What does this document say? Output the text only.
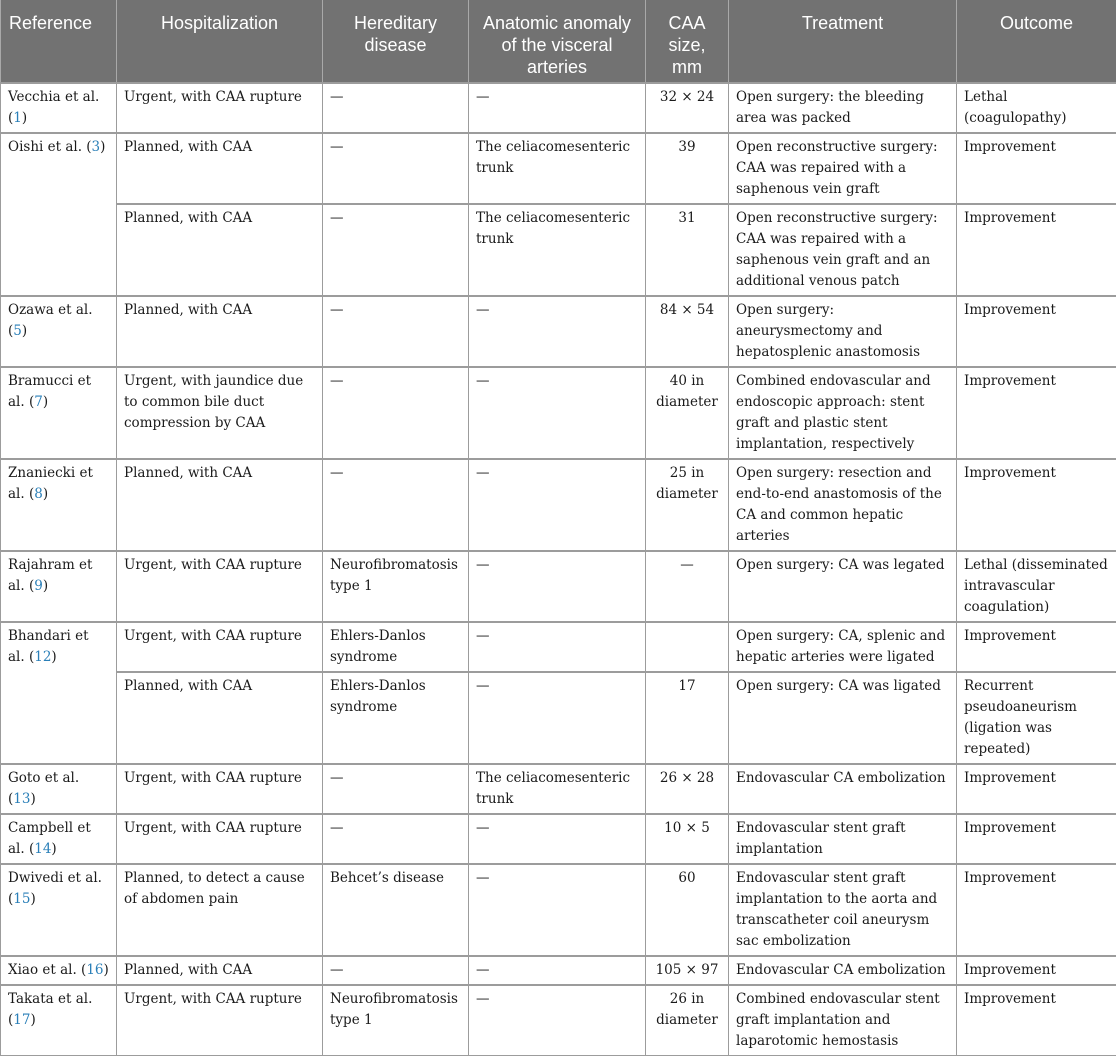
Reference	Hospitalization	Hereditary disease	Anatomic anomaly of the visceral arteries	CAA size, mm	Treatment	Outcome
Vecchia et al. (1)	Urgent, with CAA rupture	—	—	32 × 24	Open surgery: the bleeding area was packed	Lethal (coagulopathy)
Oishi et al. (3)	Planned, with CAA	—	The celiacomesenteric trunk	39	Open reconstructive surgery: CAA was repaired with a saphenous vein graft	Improvement
	Planned, with CAA	—	The celiacomesenteric trunk	31	Open reconstructive surgery: CAA was repaired with a saphenous vein graft and an additional venous patch	Improvement
Ozawa et al. (5)	Planned, with CAA	—	—	84 × 54	Open surgery: aneurysmectomy and hepatosplenic anastomosis	Improvement
Bramucci et al. (7)	Urgent, with jaundice due to common bile duct compression by CAA	—	—	40 in diameter	Combined endovascular and endoscopic approach: stent graft and plastic stent implantation, respectively	Improvement
Znaniecki et al. (8)	Planned, with CAA	—	—	25 in diameter	Open surgery: resection and end-to-end anastomosis of the CA and common hepatic arteries	Improvement
Rajahram et al. (9)	Urgent, with CAA rupture	Neurofibromatosis type 1	—	—	Open surgery: CA was legated	Lethal (disseminated intravascular coagulation)
Bhandari et al. (12)	Urgent, with CAA rupture	Ehlers-Danlos syndrome	—		Open surgery: CA, splenic and hepatic arteries were ligated	Improvement
	Planned, with CAA	Ehlers-Danlos syndrome	—	17	Open surgery: CA was ligated	Recurrent pseudoaneurism (ligation was repeated)
Goto et al. (13)	Urgent, with CAA rupture	—	The celiacomesenteric trunk	26 × 28	Endovascular CA embolization	Improvement
Campbell et al. (14)	Urgent, with CAA rupture	—	—	10 × 5	Endovascular stent graft implantation	Improvement
Dwivedi et al. (15)	Planned, to detect a cause of abdomen pain	Behcet’s disease	—	60	Endovascular stent graft implantation to the aorta and transcatheter coil aneurysm sac embolization	Improvement
Xiao et al. (16)	Planned, with CAA	—	—	105 × 97	Endovascular CA embolization	Improvement
Takata et al. (17)	Urgent, with CAA rupture	Neurofibromatosis type 1	—	26 in diameter	Combined endovascular stent graft implantation and laparotomic hemostasis	Improvement
